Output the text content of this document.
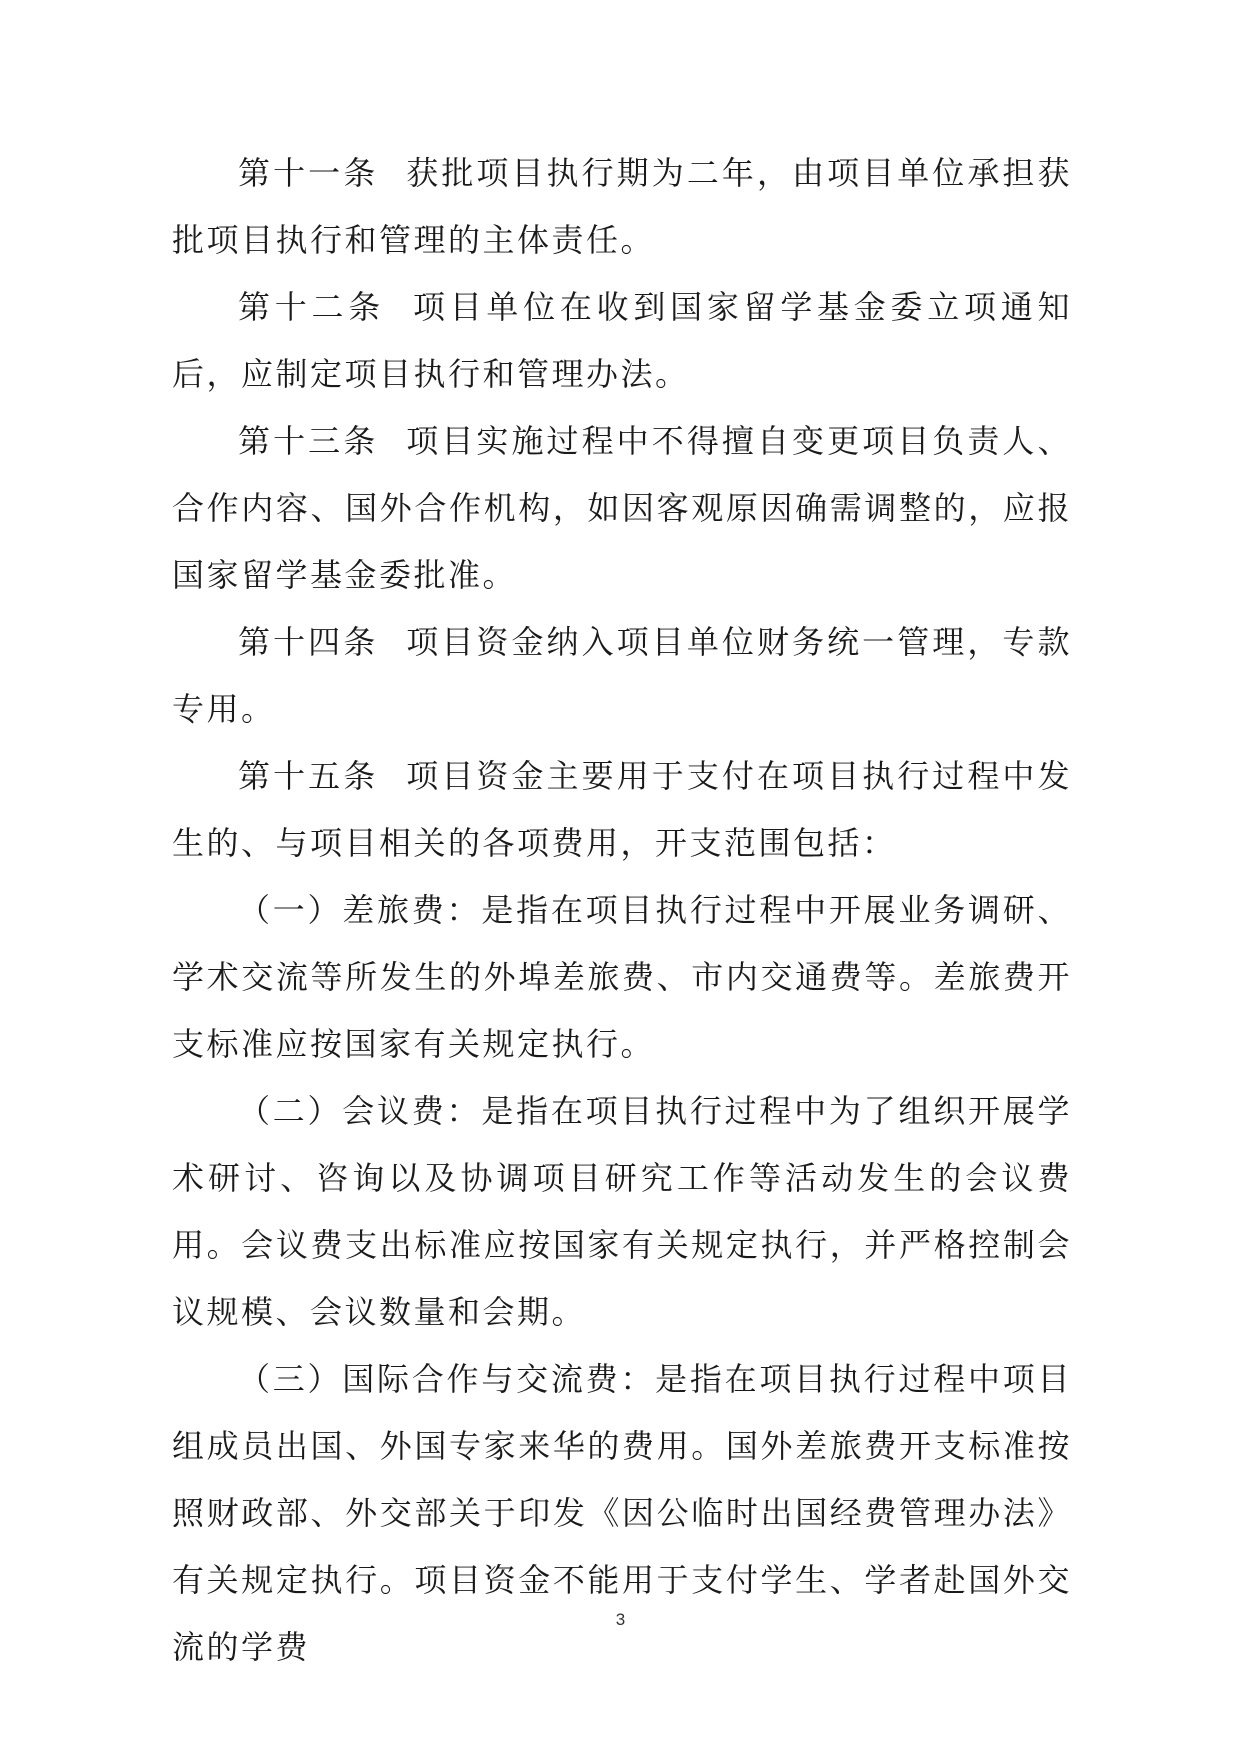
第十一条 获批项目执行期为二年，由项目单位承担获批项目执行和管理的主体责任。

第十二条 项目单位在收到国家留学基金委立项通知后，应制定项目执行和管理办法。

第十三条 项目实施过程中不得擅自变更项目负责人、合作内容、国外合作机构，如因客观原因确需调整的，应报国家留学基金委批准。

第十四条 项目资金纳入项目单位财务统一管理，专款专用。

第十五条 项目资金主要用于支付在项目执行过程中发生的、与项目相关的各项费用，开支范围包括：

（一）差旅费：是指在项目执行过程中开展业务调研、学术交流等所发生的外埠差旅费、市内交通费等。差旅费开支标准应按国家有关规定执行。

（二）会议费：是指在项目执行过程中为了组织开展学术研讨、咨询以及协调项目研究工作等活动发生的会议费用。会议费支出标准应按国家有关规定执行，并严格控制会议规模、会议数量和会期。

（三）国际合作与交流费：是指在项目执行过程中项目组成员出国、外国专家来华的费用。国外差旅费开支标准按照财政部、外交部关于印发《因公临时出国经费管理办法》有关规定执行。项目资金不能用于支付学生、学者赴国外交流的学费

3
